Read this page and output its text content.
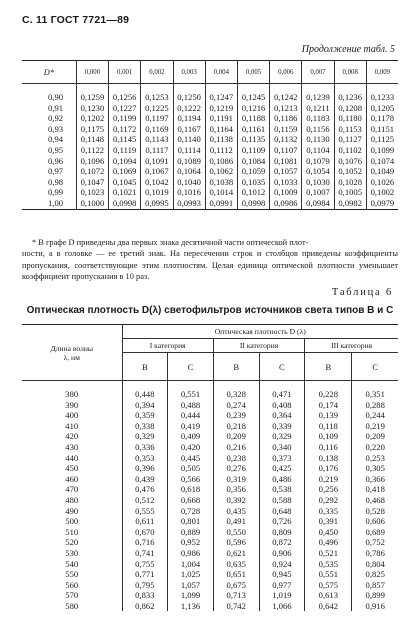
С. 11 ГОСТ 7721—89
Продолжение табл. 5
D*	0,000	0,001	0,002	0,003	0,004	0,005	0,006	0,007	0,008	0,009

0,90	0,1259	0,1256	0,1253	0,1250	0,1247	0,1245	0,1242	0,1239	0,1236	0,1233
0,91	0,1230	0,1227	0,1225	0,1222	0,1219	0,1216	0,1213	0,1211	0,1208	0,1205
0,92	0,1202	0,1199	0,1197	0,1194	0,1191	0,1188	0,1186	0,1183	0,1180	0,1178
0,93	0,1175	0,1172	0,1169	0,1167	0,1164	0,1161	0,1159	0,1156	0,1153	0,1151
0,94	0,1148	0,1145	0,1143	0,1140	0,1138	0,1135	0,1132	0,1130	0,1127	0,1125
0,95	0,1122	0,1119	0,1117	0,1114	0,1112	0,1109	0,1107	0,1104	0,1102	0,1099
0,96	0,1096	0,1094	0,1091	0,1089	0,1086	0,1084	0,1081	0,1079	0,1076	0,1074
0,97	0,1072	0,1069	0,1067	0,1064	0,1062	0,1059	0,1057	0,1054	0,1052	0,1049
0,98	0,1047	0,1045	0,1042	0,1040	0,1038	0,1035	0,1033	0,1030	0,1028	0,1026
0,99	0,1023	0,1021	0,1019	0,1016	0,1014	0,1012	0,1009	0,1007	0,1005	0,1002
1,00	0,1000	0,0998	0,0995	0,0993	0,0991	0,0998	0,0986	0,0984	0,0982	0,0979
* В графе D приведены два первых знака десятичной части оптической плот-
ности, а в головке — ее третий знак. На пересечении строк и столбцов приведены коэффициенты пропускания, соответствующие этим плотностям. Целая единица оптической плотности уменьшает коэффициент пропускания в 10 раз.
Таблица 6
Оптическая плотность D(λ) светофильтров источников света типов В и С
Длина волны
λ, нм	Оптическая плотность D (λ)					
	I категория		II категория		III категория	
	В	С	В	С	В	С

380	0,448	0,551	0,328	0,471	0,228	0,351
390	0,394	0,488	0,274	0,408	0,174	0,288
400	0,359	0,444	0,239	0,364	0,139	0,244
410	0,338	0,419	0,218	0,339	0,118	0,219
420	0,329	0,409	0,209	0,329	0,109	0,209
430	0,336	0,420	0,216	0,340	0,116	0,220
440	0,353	0,445	0,238	0,373	0,138	0,253
450	0,396	0,505	0,276	0,425	0,176	0,305
460	0,439	0,566	0,319	0,486	0,219	0,366
470	0,476	0,618	0,356	0,538	0,256	0,418
480	0,512	0,668	0,392	0,588	0,292	0,468
490	0,555	0,728	0,435	0,648	0,335	0,528
500	0,611	0,801	0,491	0,726	0,391	0,606
510	0,670	0,889	0,550	0,809	0,450	0,689
520	0,716	0,952	0,596	0,872	0,496	0,752
530	0,741	0,986	0,621	0,906	0,521	0,786
540	0,755	1,004	0,635	0,924	0,535	0,804
550	0,771	1,025	0,651	0,945	0,551	0,825
560	0,795	1,057	0,675	0,977	0,575	0,857
570	0,833	1,099	0,713	1,019	0,613	0,899
580	0,862	1,136	0,742	1,066	0,642	0,916
